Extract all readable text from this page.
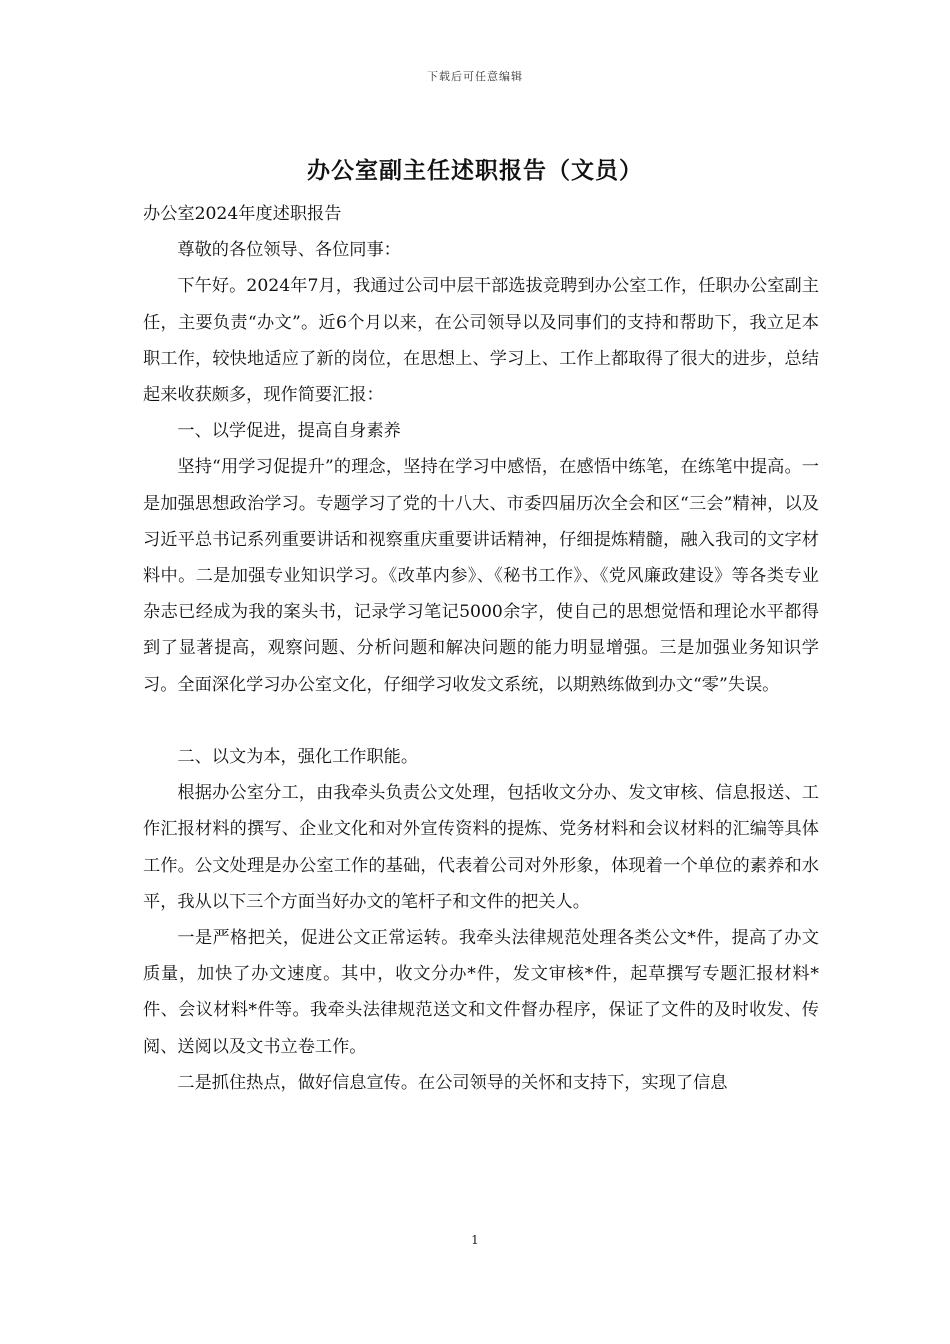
下载后可任意编辑
办公室副主任述职报告（文员）

办公室2024年度述职报告

尊敬的各位领导、各位同事：

下午好。2024年7月，我通过公司中层干部选拔竞聘到办公室工作，任职办公室副主任，主要负责“办文”。近6个月以来，在公司领导以及同事们的支持和帮助下，我立足本职工作，较快地适应了新的岗位，在思想上、学习上、工作上都取得了很大的进步，总结起来收获颇多，现作简要汇报：

一、以学促进，提高自身素养

坚持“用学习促提升”的理念，坚持在学习中感悟，在感悟中练笔，在练笔中提高。一是加强思想政治学习。专题学习了党的十八大、市委四届历次全会和区“三会”精神，以及习近平总书记系列重要讲话和视察重庆重要讲话精神，仔细提炼精髓，融入我司的文字材料中。二是加强专业知识学习。《改革内参》、《秘书工作》、《党风廉政建设》等各类专业杂志已经成为我的案头书，记录学习笔记5000余字，使自己的思想觉悟和理论水平都得到了显著提高，观察问题、分析问题和解决问题的能力明显增强。三是加强业务知识学习。全面深化学习办公室文化，仔细学习收发文系统，以期熟练做到办文“零”失误。

二、以文为本，强化工作职能。

根据办公室分工，由我牵头负责公文处理，包括收文分办、发文审核、信息报送、工作汇报材料的撰写、企业文化和对外宣传资料的提炼、党务材料和会议材料的汇编等具体工作。公文处理是办公室工作的基础，代表着公司对外形象，体现着一个单位的素养和水平，我从以下三个方面当好办文的笔杆子和文件的把关人。

一是严格把关，促进公文正常运转。我牵头法律规范处理各类公文*件，提高了办文质量，加快了办文速度。其中，收文分办*件，发文审核*件，起草撰写专题汇报材料*件、会议材料*件等。我牵头法律规范送文和文件督办程序，保证了文件的及时收发、传阅、送阅以及文书立卷工作。

二是抓住热点，做好信息宣传。在公司领导的关怀和支持下，实现了信息

1
